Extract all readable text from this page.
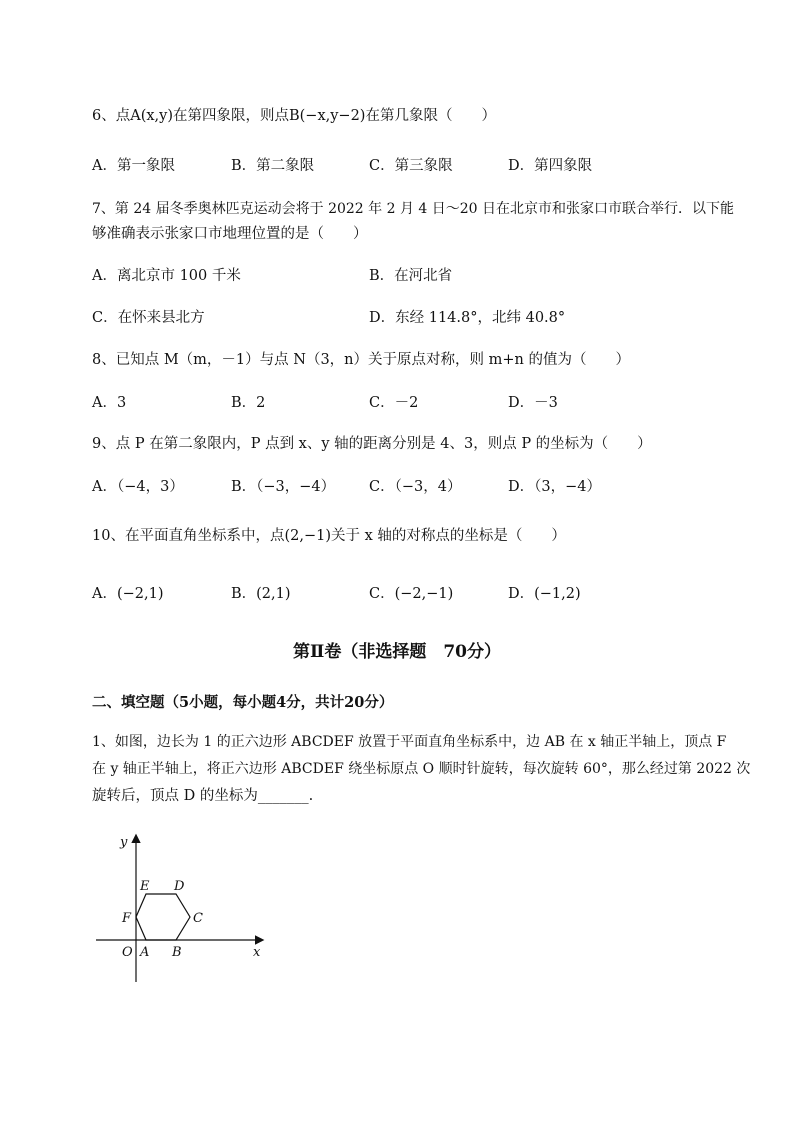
6、点A(x,y)在第四象限，则点B(−x,y−2)在第几象限（　　）
A．第一象限	B．第二象限	C．第三象限	D．第四象限
7、第 24 届冬季奥林匹克运动会将于 2022 年 2 月 4 日～20 日在北京市和张家口市联合举行．以下能
够准确表示张家口市地理位置的是（　　）
A．离北京市 100 千米	B．在河北省
C．在怀来县北方	D．东经 114.8°，北纬 40.8°
8、已知点 M（m，－1）与点 N（3，n）关于原点对称，则 m+n 的值为（　　）
A．3	B．2	C．－2	D．－3
9、点 P 在第二象限内，P 点到 x、y 轴的距离分别是 4、3，则点 P 的坐标为（　　）
A．（−4，3）	B．（−3，−4） C．（−3，4）	D．（3，−4）
10、在平面直角坐标系中，点(2,−1)关于 x 轴的对称点的坐标是（　　）
A．(−2,1)	B．(2,1)	C．(−2,−1)	D．(−1,2)
第Ⅱ卷（非选择题　70分）
二、填空题（5小题，每小题4分，共计20分）
1、如图，边长为 1 的正六边形 ABCDEF 放置于平面直角坐标系中，边 AB 在 x 轴正半轴上，顶点 F
在 y 轴正半轴上，将正六边形 ABCDEF 绕坐标原点 O 顺时针旋转，每次旋转 60°，那么经过第 2022 次
旋转后，顶点 D 的坐标为_______.
y
x
O A B
C
D
E
F
